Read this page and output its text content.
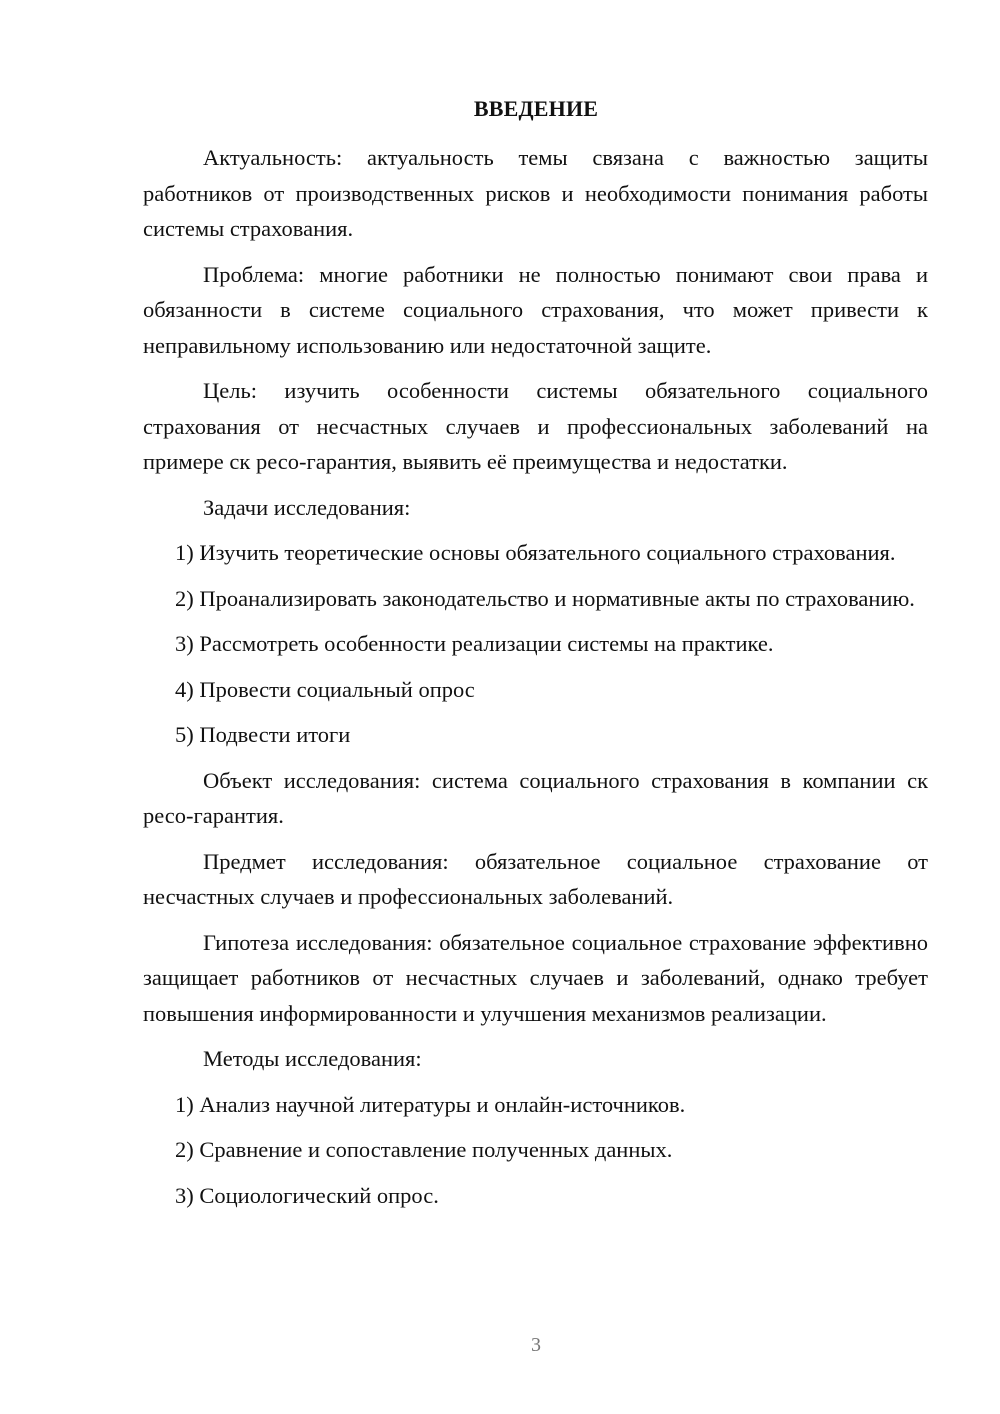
ВВЕДЕНИЕ

Актуальность: актуальность темы связана с важностью защиты работников от производственных рисков и необходимости понимания работы системы страхования.

Проблема: многие работники не полностью понимают свои права и обязанности в системе социального страхования, что может привести к неправильному использованию или недостаточной защите.

Цель: изучить особенности системы обязательного социального страхования от несчастных случаев и профессиональных заболеваний на примере ск ресо-гарантия, выявить её преимущества и недостатки.

Задачи исследования:

1) Изучить теоретические основы обязательного социального страхования.

2) Проанализировать законодательство и нормативные акты по страхованию.

3) Рассмотреть особенности реализации системы на практике.

4) Провести социальный опрос

5) Подвести итоги

Объект исследования: система социального страхования в компании ск ресо-гарантия.

Предмет исследования: обязательное социальное страхование от несчастных случаев и профессиональных заболеваний.

Гипотеза исследования: обязательное социальное страхование эффективно защищает работников от несчастных случаев и заболеваний, однако требует повышения информированности и улучшения механизмов реализации.

Методы исследования:

1) Анализ научной литературы и онлайн-источников.

2) Сравнение и сопоставление полученных данных.

3) Социологический опрос.

3
